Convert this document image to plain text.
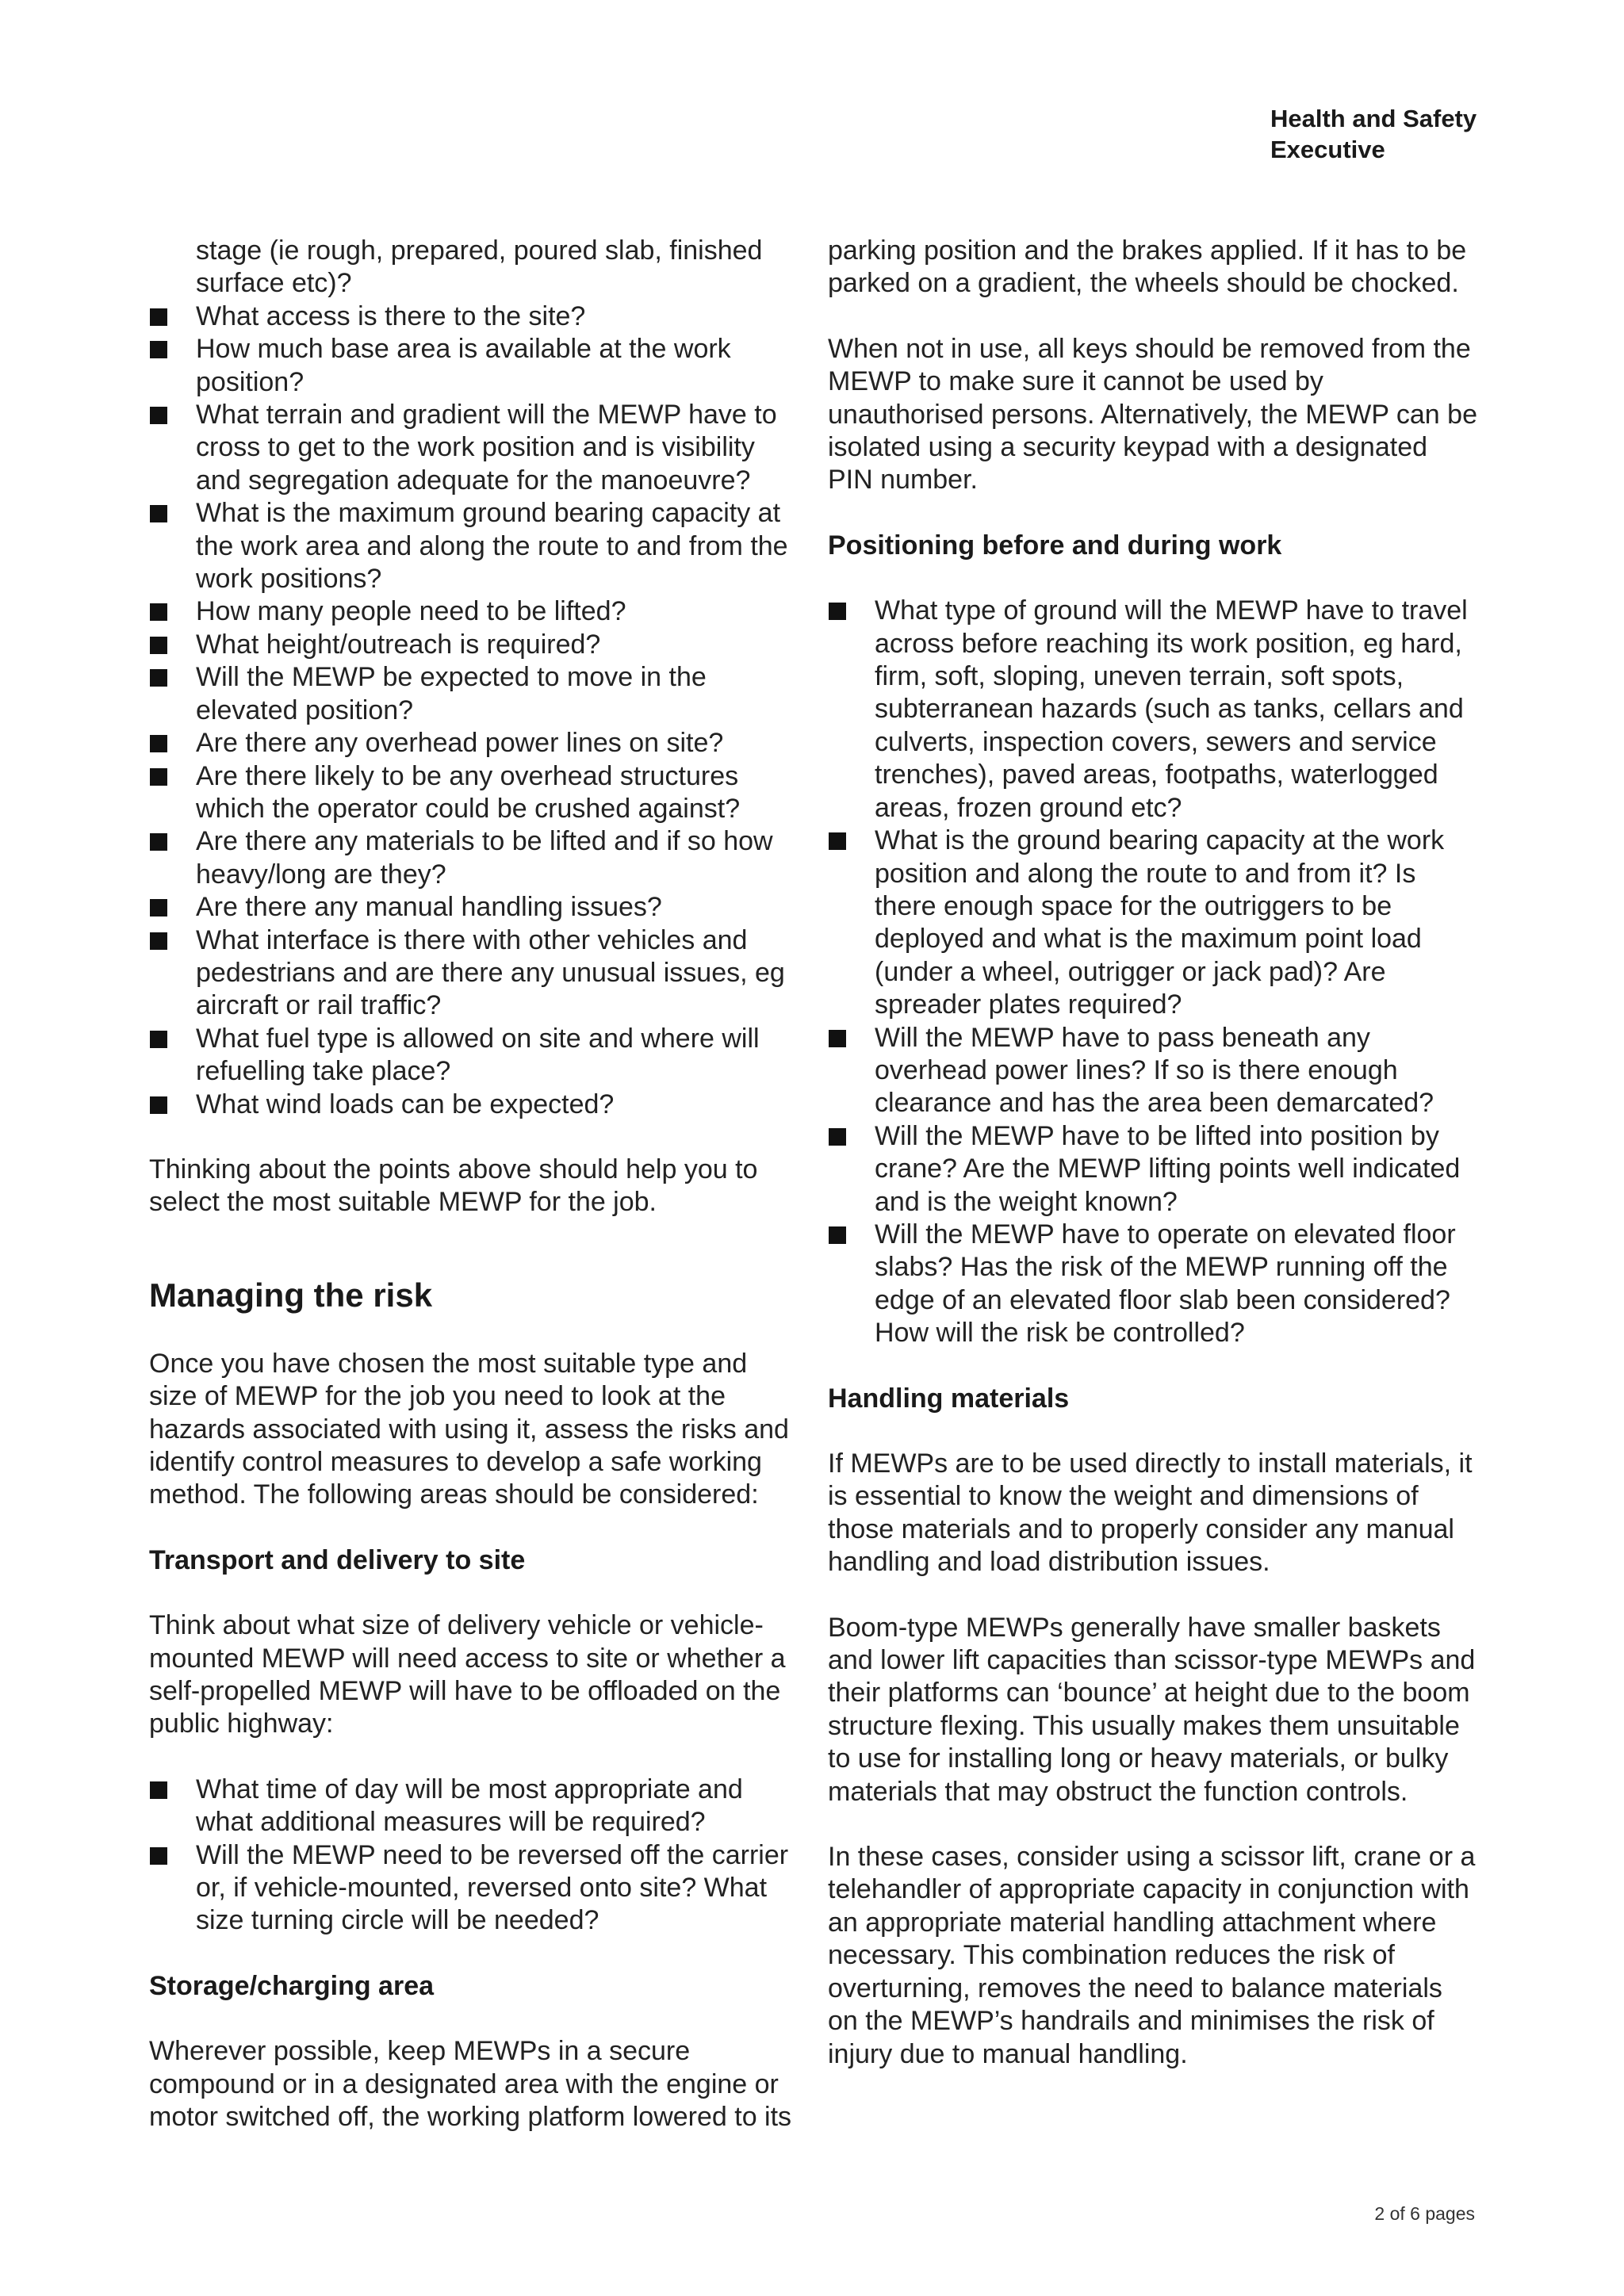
Health and Safety
Executive

stage (ie rough, prepared, poured slab, finished surface etc)?

What access is there to the site?
How much base area is available at the work position?
What terrain and gradient will the MEWP have to cross to get to the work position and is visibility and segregation adequate for the manoeuvre?
What is the maximum ground bearing capacity at the work area and along the route to and from the work positions?
How many people need to be lifted?
What height/outreach is required?
Will the MEWP be expected to move in the elevated position?
Are there any overhead power lines on site?
Are there likely to be any overhead structures which the operator could be crushed against?
Are there any materials to be lifted and if so how heavy/long are they?
Are there any manual handling issues?
What interface is there with other vehicles and pedestrians and are there any unusual issues, eg aircraft or rail traffic?
What fuel type is allowed on site and where will refuelling take place?
What wind loads can be expected?

Thinking about the points above should help you to select the most suitable MEWP for the job.

Managing the risk

Once you have chosen the most suitable type and size of MEWP for the job you need to look at the hazards associated with using it, assess the risks and identify control measures to develop a safe working method. The following areas should be considered:

Transport and delivery to site

Think about what size of delivery vehicle or vehicle-mounted MEWP will need access to site or whether a self-propelled MEWP will have to be offloaded on the public highway:

What time of day will be most appropriate and what additional measures will be required?
Will the MEWP need to be reversed off the carrier or, if vehicle-mounted, reversed onto site? What size turning circle will be needed?
Storage/charging area

Wherever possible, keep MEWPs in a secure compound or in a designated area with the engine or motor switched off, the working platform lowered to its

parking position and the brakes applied. If it has to be parked on a gradient, the wheels should be chocked.

When not in use, all keys should be removed from the MEWP to make sure it cannot be used by unauthorised persons. Alternatively, the MEWP can be isolated using a security keypad with a designated PIN number.

Positioning before and during work
What type of ground will the MEWP have to travel across before reaching its work position, eg hard, firm, soft, sloping, uneven terrain, soft spots, subterranean hazards (such as tanks, cellars and culverts, inspection covers, sewers and service trenches), paved areas, footpaths, waterlogged areas, frozen ground etc?
What is the ground bearing capacity at the work position and along the route to and from it? Is there enough space for the outriggers to be deployed and what is the maximum point load (under a wheel, outrigger or jack pad)? Are spreader plates required?
Will the MEWP have to pass beneath any overhead power lines? If so is there enough clearance and has the area been demarcated?
Will the MEWP have to be lifted into position by crane? Are the MEWP lifting points well indicated and is the weight known?
Will the MEWP have to operate on elevated floor slabs? Has the risk of the MEWP running off the edge of an elevated floor slab been considered? How will the risk be controlled?
Handling materials

If MEWPs are to be used directly to install materials, it is essential to know the weight and dimensions of those materials and to properly consider any manual handling and load distribution issues.

Boom-type MEWPs generally have smaller baskets and lower lift capacities than scissor-type MEWPs and their platforms can ‘bounce’ at height due to the boom structure flexing. This usually makes them unsuitable to use for installing long or heavy materials, or bulky materials that may obstruct the function controls.

In these cases, consider using a scissor lift, crane or a telehandler of appropriate capacity in conjunction with an appropriate material handling attachment where necessary. This combination reduces the risk of overturning, removes the need to balance materials on the MEWP’s handrails and minimises the risk of injury due to manual handling.

2 of 6 pages
